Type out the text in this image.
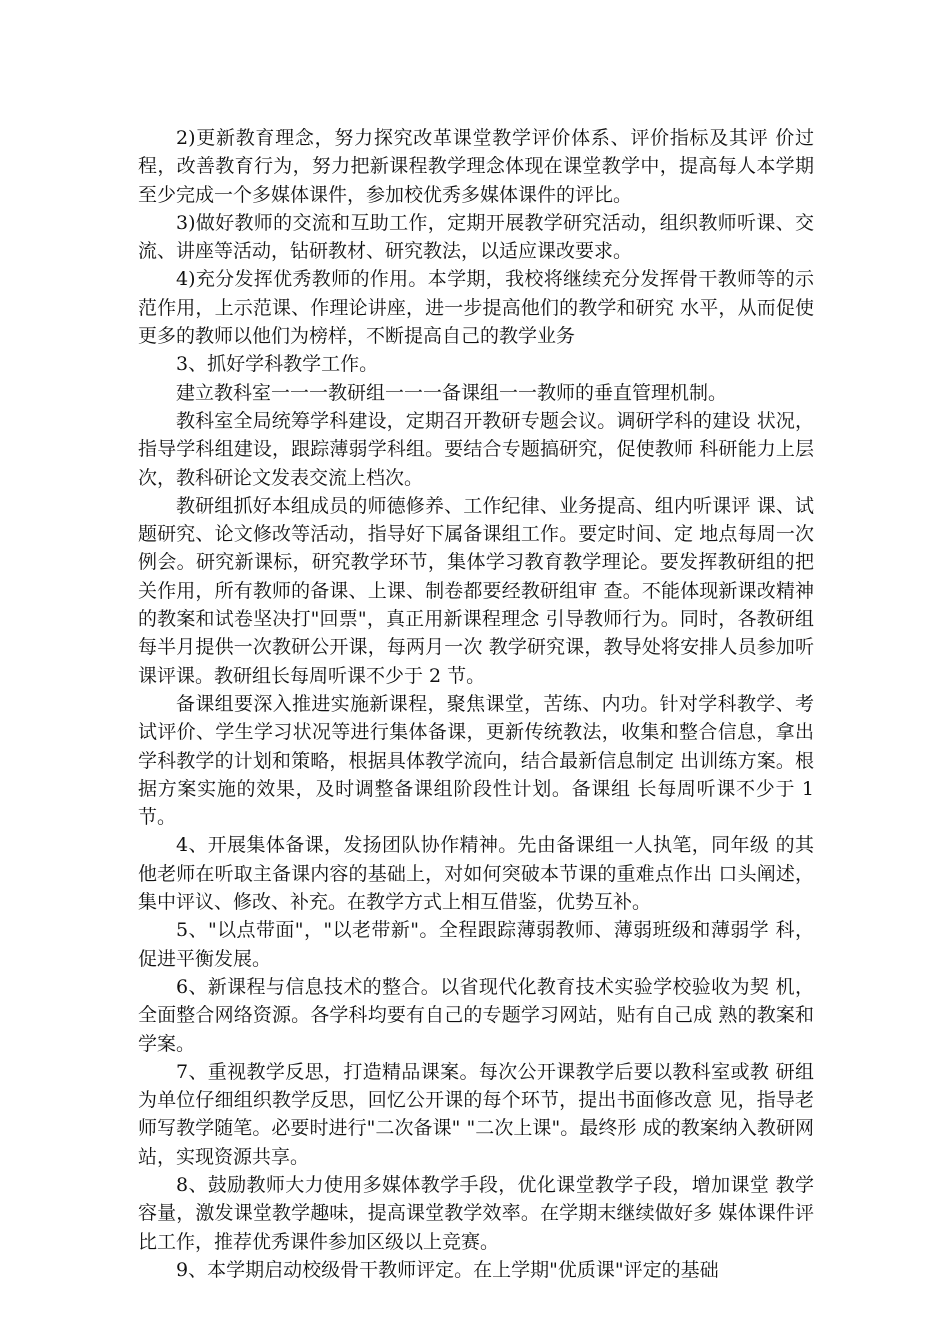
2)更新教育理念，努力探究改革课堂教学评价体系、评价指标及其评 价过程，改善教育行为，努力把新课程教学理念体现在课堂教学中，提高每人本学期至少完成一个多媒体课件，参加校优秀多媒体课件的评比。

3)做好教师的交流和互助工作，定期开展教学研究活动，组织教师听课、交流、讲座等活动，钻研教材、研究教法，以适应课改要求。

4)充分发挥优秀教师的作用。本学期，我校将继续充分发挥骨干教师等的示范作用，上示范课、作理论讲座，进一步提高他们的教学和研究 水平，从而促使更多的教师以他们为榜样，不断提高自己的教学业务

3、抓好学科教学工作。

建立教科室一一一教研组一一一备课组一一教师的垂直管理机制。

教科室全局统筹学科建设，定期召开教研专题会议。调研学科的建设 状况，指导学科组建设，跟踪薄弱学科组。要结合专题搞研究，促使教师 科研能力上层次，教科研论文发表交流上档次。

教研组抓好本组成员的师德修养、工作纪律、业务提高、组内听课评 课、试题研究、论文修改等活动，指导好下属备课组工作。要定时间、定 地点每周一次例会。研究新课标，研究教学环节，集体学习教育教学理论。要发挥教研组的把关作用，所有教师的备课、上课、制卷都要经教研组审 查。不能体现新课改精神的教案和试卷坚决打"回票"，真正用新课程理念 引导教师行为。同时，各教研组每半月提供一次教研公开课，每两月一次 教学研究课，教导处将安排人员参加听课评课。教研组长每周听课不少于 2 节。

备课组要深入推进实施新课程，聚焦课堂，苦练、内功。针对学科教学、考试评价、学生学习状况等进行集体备课，更新传统教法，收集和整合信息，拿出学科教学的计划和策略，根据具体教学流向，结合最新信息制定 出训练方案。根据方案实施的效果，及时调整备课组阶段性计划。备课组 长每周听课不少于 1 节。

4、开展集体备课，发扬团队协作精神。先由备课组一人执笔，同年级 的其他老师在听取主备课内容的基础上，对如何突破本节课的重难点作出 口头阐述，集中评议、修改、补充。在教学方式上相互借鉴，优势互补。

5、"以点带面"，"以老带新"。全程跟踪薄弱教师、薄弱班级和薄弱学 科，促进平衡发展。

6、新课程与信息技术的整合。以省现代化教育技术实验学校验收为契 机，全面整合网络资源。各学科均要有自己的专题学习网站，贴有自己成 熟的教案和学案。

7、重视教学反思，打造精品课案。每次公开课教学后要以教科室或教 研组为单位仔细组织教学反思，回忆公开课的每个环节，提出书面修改意 见，指导老师写教学随笔。必要时进行"二次备课" "二次上课"。最终形 成的教案纳入教研网站，实现资源共享。

8、鼓励教师大力使用多媒体教学手段，优化课堂教学子段，增加课堂 教学容量，激发课堂教学趣味，提高课堂教学效率。在学期末继续做好多 媒体课件评比工作，推荐优秀课件参加区级以上竞赛。

9、本学期启动校级骨干教师评定。在上学期"优质课"评定的基础
